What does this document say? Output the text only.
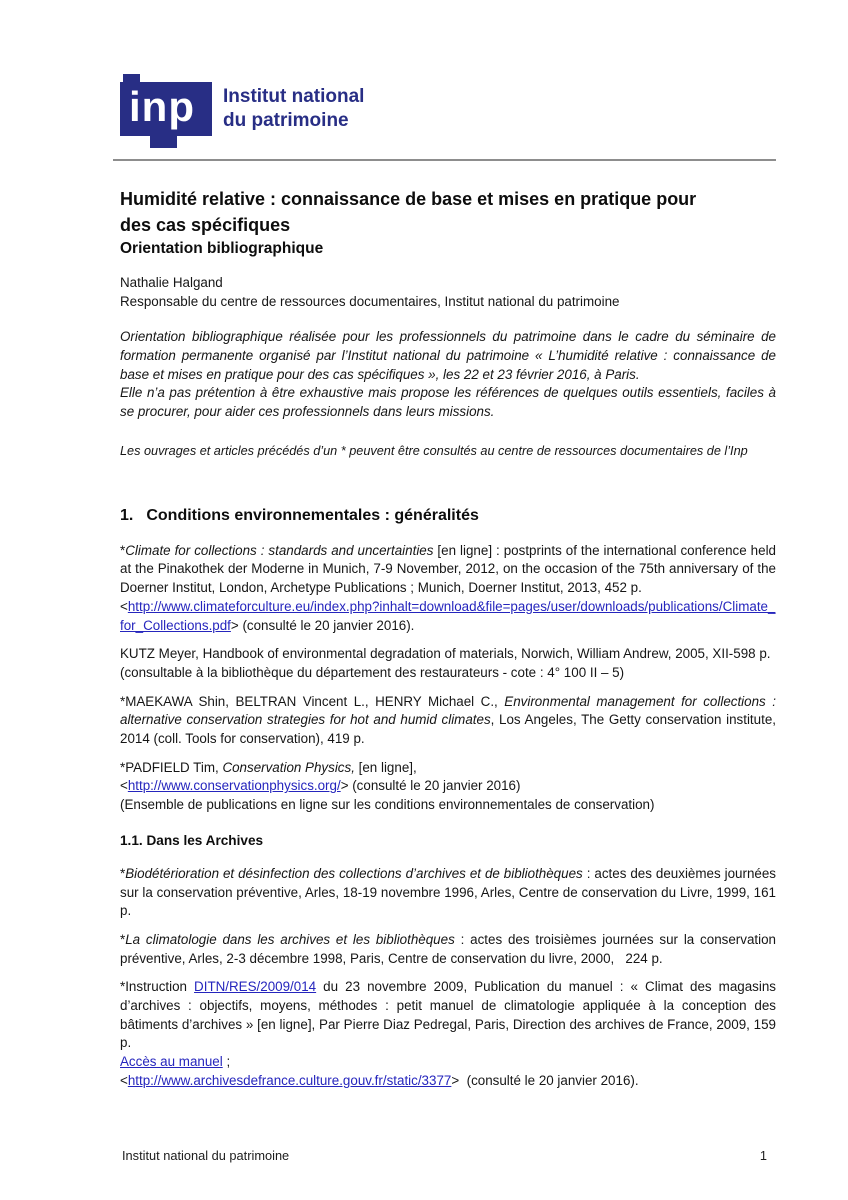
inp	Institut national
du patrimoine
Humidité relative : connaissance de base et mises en pratique pour
des cas spécifiques
Orientation bibliographique
Nathalie Halgand
Responsable du centre de ressources documentaires, Institut national du patrimoine

Orientation bibliographique réalisée pour les professionnels du patrimoine dans le cadre du séminaire de formation permanente organisé par l’Institut national du patrimoine « L’humidité relative : connaissance de base et mises en pratique pour des cas spécifiques », les 22 et 23 février 2016, à Paris.

Elle n’a pas prétention à être exhaustive mais propose les références de quelques outils essentiels, faciles à se procurer, pour aider ces professionnels dans leurs missions.

Les ouvrages et articles précédés d’un * peuvent être consultés au centre de ressources documentaires de l’Inp
1. Conditions environnementales : généralités

*Climate for collections : standards and uncertainties [en ligne] : postprints of the international conference held at the Pinakothek der Moderne in Munich, 7-9 November, 2012, on the occasion of the 75th anniversary of the Doerner Institut, London, Archetype Publications ; Munich, Doerner Institut, 2013, 452 p.
<http://www.climateforculture.eu/index.php?inhalt=download&file=pages/user/downloads/publications/Climate_for_Collections.pdf> (consulté le 20 janvier 2016).

KUTZ Meyer, Handbook of environmental degradation of materials, Norwich, William Andrew, 2005, XII-598 p.
(consultable à la bibliothèque du département des restaurateurs - cote : 4° 100 II – 5)

*MAEKAWA Shin, BELTRAN Vincent L., HENRY Michael C., Environmental management for collections : alternative conservation strategies for hot and humid climates, Los Angeles, The Getty conservation institute, 2014 (coll. Tools for conservation), 419 p.

*PADFIELD Tim, Conservation Physics, [en ligne],
<http://www.conservationphysics.org/> (consulté le 20 janvier 2016)
(Ensemble de publications en ligne sur les conditions environnementales de conservation)

1.1. Dans les Archives

*Biodétérioration et désinfection des collections d’archives et de bibliothèques : actes des deuxièmes journées sur la conservation préventive, Arles, 18-19 novembre 1996, Arles, Centre de conservation du Livre, 1999, 161 p.

*La climatologie dans les archives et les bibliothèques : actes des troisièmes journées sur la conservation préventive, Arles, 2-3 décembre 1998, Paris, Centre de conservation du livre, 2000,   224 p.

*Instruction DITN/RES/2009/014 du 23 novembre 2009, Publication du manuel : « Climat des magasins d’archives : objectifs, moyens, méthodes : petit manuel de climatologie appliquée à la conception des bâtiments d’archives » [en ligne], Par Pierre Diaz Pedregal, Paris, Direction des archives de France, 2009, 159 p.
Accès au manuel ;
<http://www.archivesdefrance.culture.gouv.fr/static/3377>  (consulté le 20 janvier 2016).

Institut national du patrimoine	1
